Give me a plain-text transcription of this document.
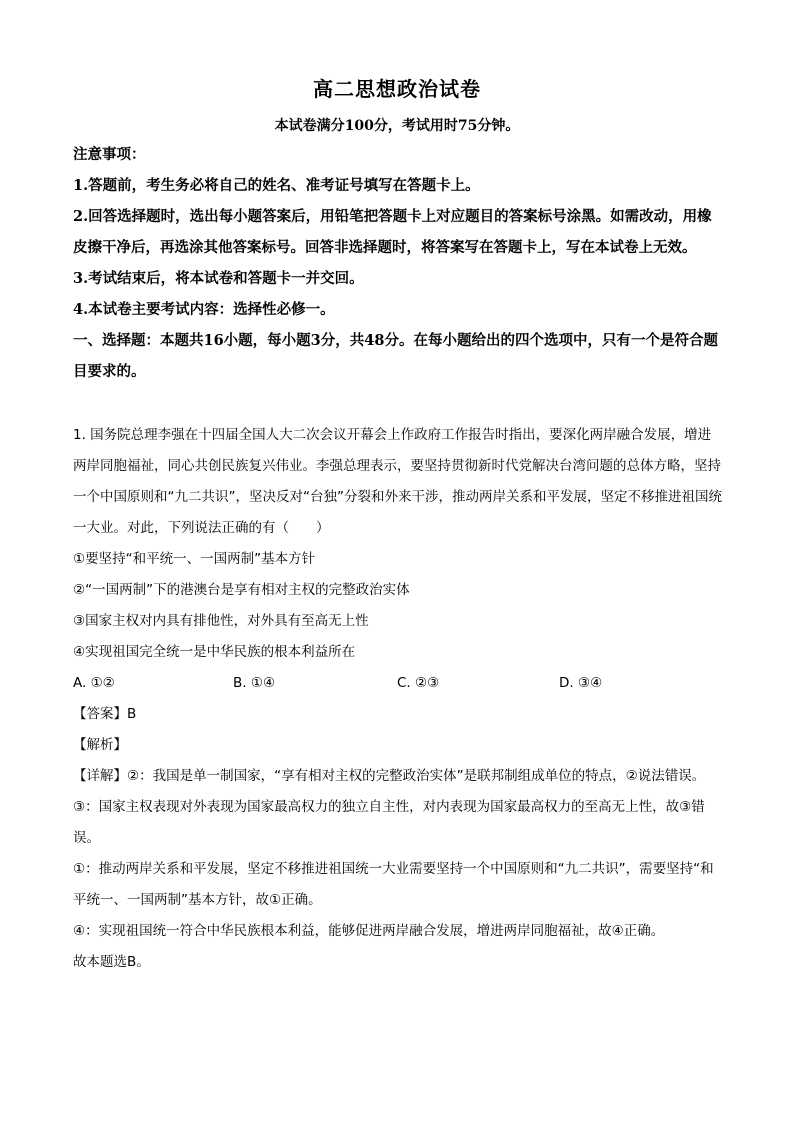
高二思想政治试卷
本试卷满分100分，考试用时75分钟。

注意事项：

1.答题前，考生务必将自己的姓名、准考证号填写在答题卡上。

2.回答选择题时，选出每小题答案后，用铅笔把答题卡上对应题目的答案标号涂黑。如需改动，用橡皮擦干净后，再选涂其他答案标号。回答非选择题时，将答案写在答题卡上，写在本试卷上无效。

3.考试结束后，将本试卷和答题卡一并交回。

4.本试卷主要考试内容：选择性必修一。

一、选择题：本题共16小题，每小题3分，共48分。在每小题给出的四个选项中，只有一个是符合题目要求的。

1. 国务院总理李强在十四届全国人大二次会议开幕会上作政府工作报告时指出，要深化两岸融合发展，增进两岸同胞福祉，同心共创民族复兴伟业。李强总理表示，要坚持贯彻新时代党解决台湾问题的总体方略，坚持一个中国原则和“九二共识”，坚决反对“台独”分裂和外来干涉，推动两岸关系和平发展，坚定不移推进祖国统一大业。对此，下列说法正确的有（　　）

①要坚持“和平统一、一国两制”基本方针

②“一国两制”下的港澳台是享有相对主权的完整政治实体

③国家主权对内具有排他性，对外具有至高无上性

④实现祖国完全统一是中华民族的根本利益所在

A. ①②	B. ①④	C. ②③	D. ③④

【答案】B

【解析】

【详解】②：我国是单一制国家，“享有相对主权的完整政治实体”是联邦制组成单位的特点，②说法错误。

③：国家主权表现对外表现为国家最高权力的独立自主性，对内表现为国家最高权力的至高无上性，故③错误。

①：推动两岸关系和平发展，坚定不移推进祖国统一大业需要坚持一个中国原则和“九二共识”，需要坚持“和平统一、一国两制”基本方针，故①正确。

④：实现祖国统一符合中华民族根本利益，能够促进两岸融合发展，增进两岸同胞福祉，故④正确。

故本题选B。
